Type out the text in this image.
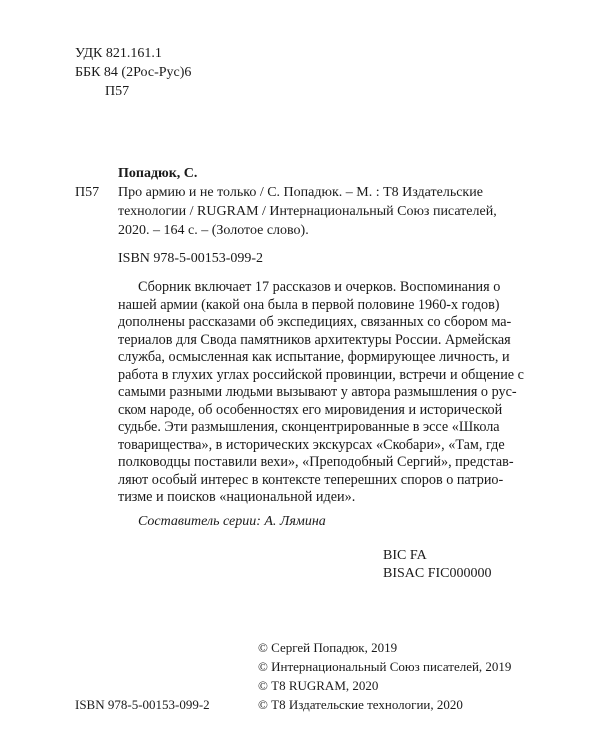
УДК 821.161.1
ББК 84 (2Рос-Рус)6
П57
Попадюк, С.
П57 Про армию и не только / С. Попадюк. – М. : Т8 Издательские
технологии / RUGRAM / Интернациональный Союз писателей,
2020. – 164 с. – (Золотое слово).
ISBN 978-5-00153-099-2
Сборник включает 17 рассказов и очерков. Воспоминания о
нашей армии (какой она была в первой половине 1960-х годов)
дополнены рассказами об экспедициях, связанных со сбором ма-
териалов для Свода памятников архитектуры России. Армейская
служба, осмысленная как испытание, формирующее личность, и
работа в глухих углах российской провинции, встречи и общение с
самыми разными людьми вызывают у автора размышления о рус-
ском народе, об особенностях его мировидения и исторической
судьбе. Эти размышления, сконцентрированные в эссе «Школа
товарищества», в исторических экскурсах «Скобари», «Там, где
полководцы поставили вехи», «Преподобный Сергий», представ-
ляют особый интерес в контексте теперешних споров о патрио-
тизме и поисков «национальной идеи».
Составитель серии: А. Лямина
BIC FA
BISAC FIC000000
© Сергей Попадюк, 2019
© Интернациональный Союз писателей, 2019
© Т8 RUGRAM, 2020
© Т8 Издательские технологии, 2020
ISBN 978-5-00153-099-2
